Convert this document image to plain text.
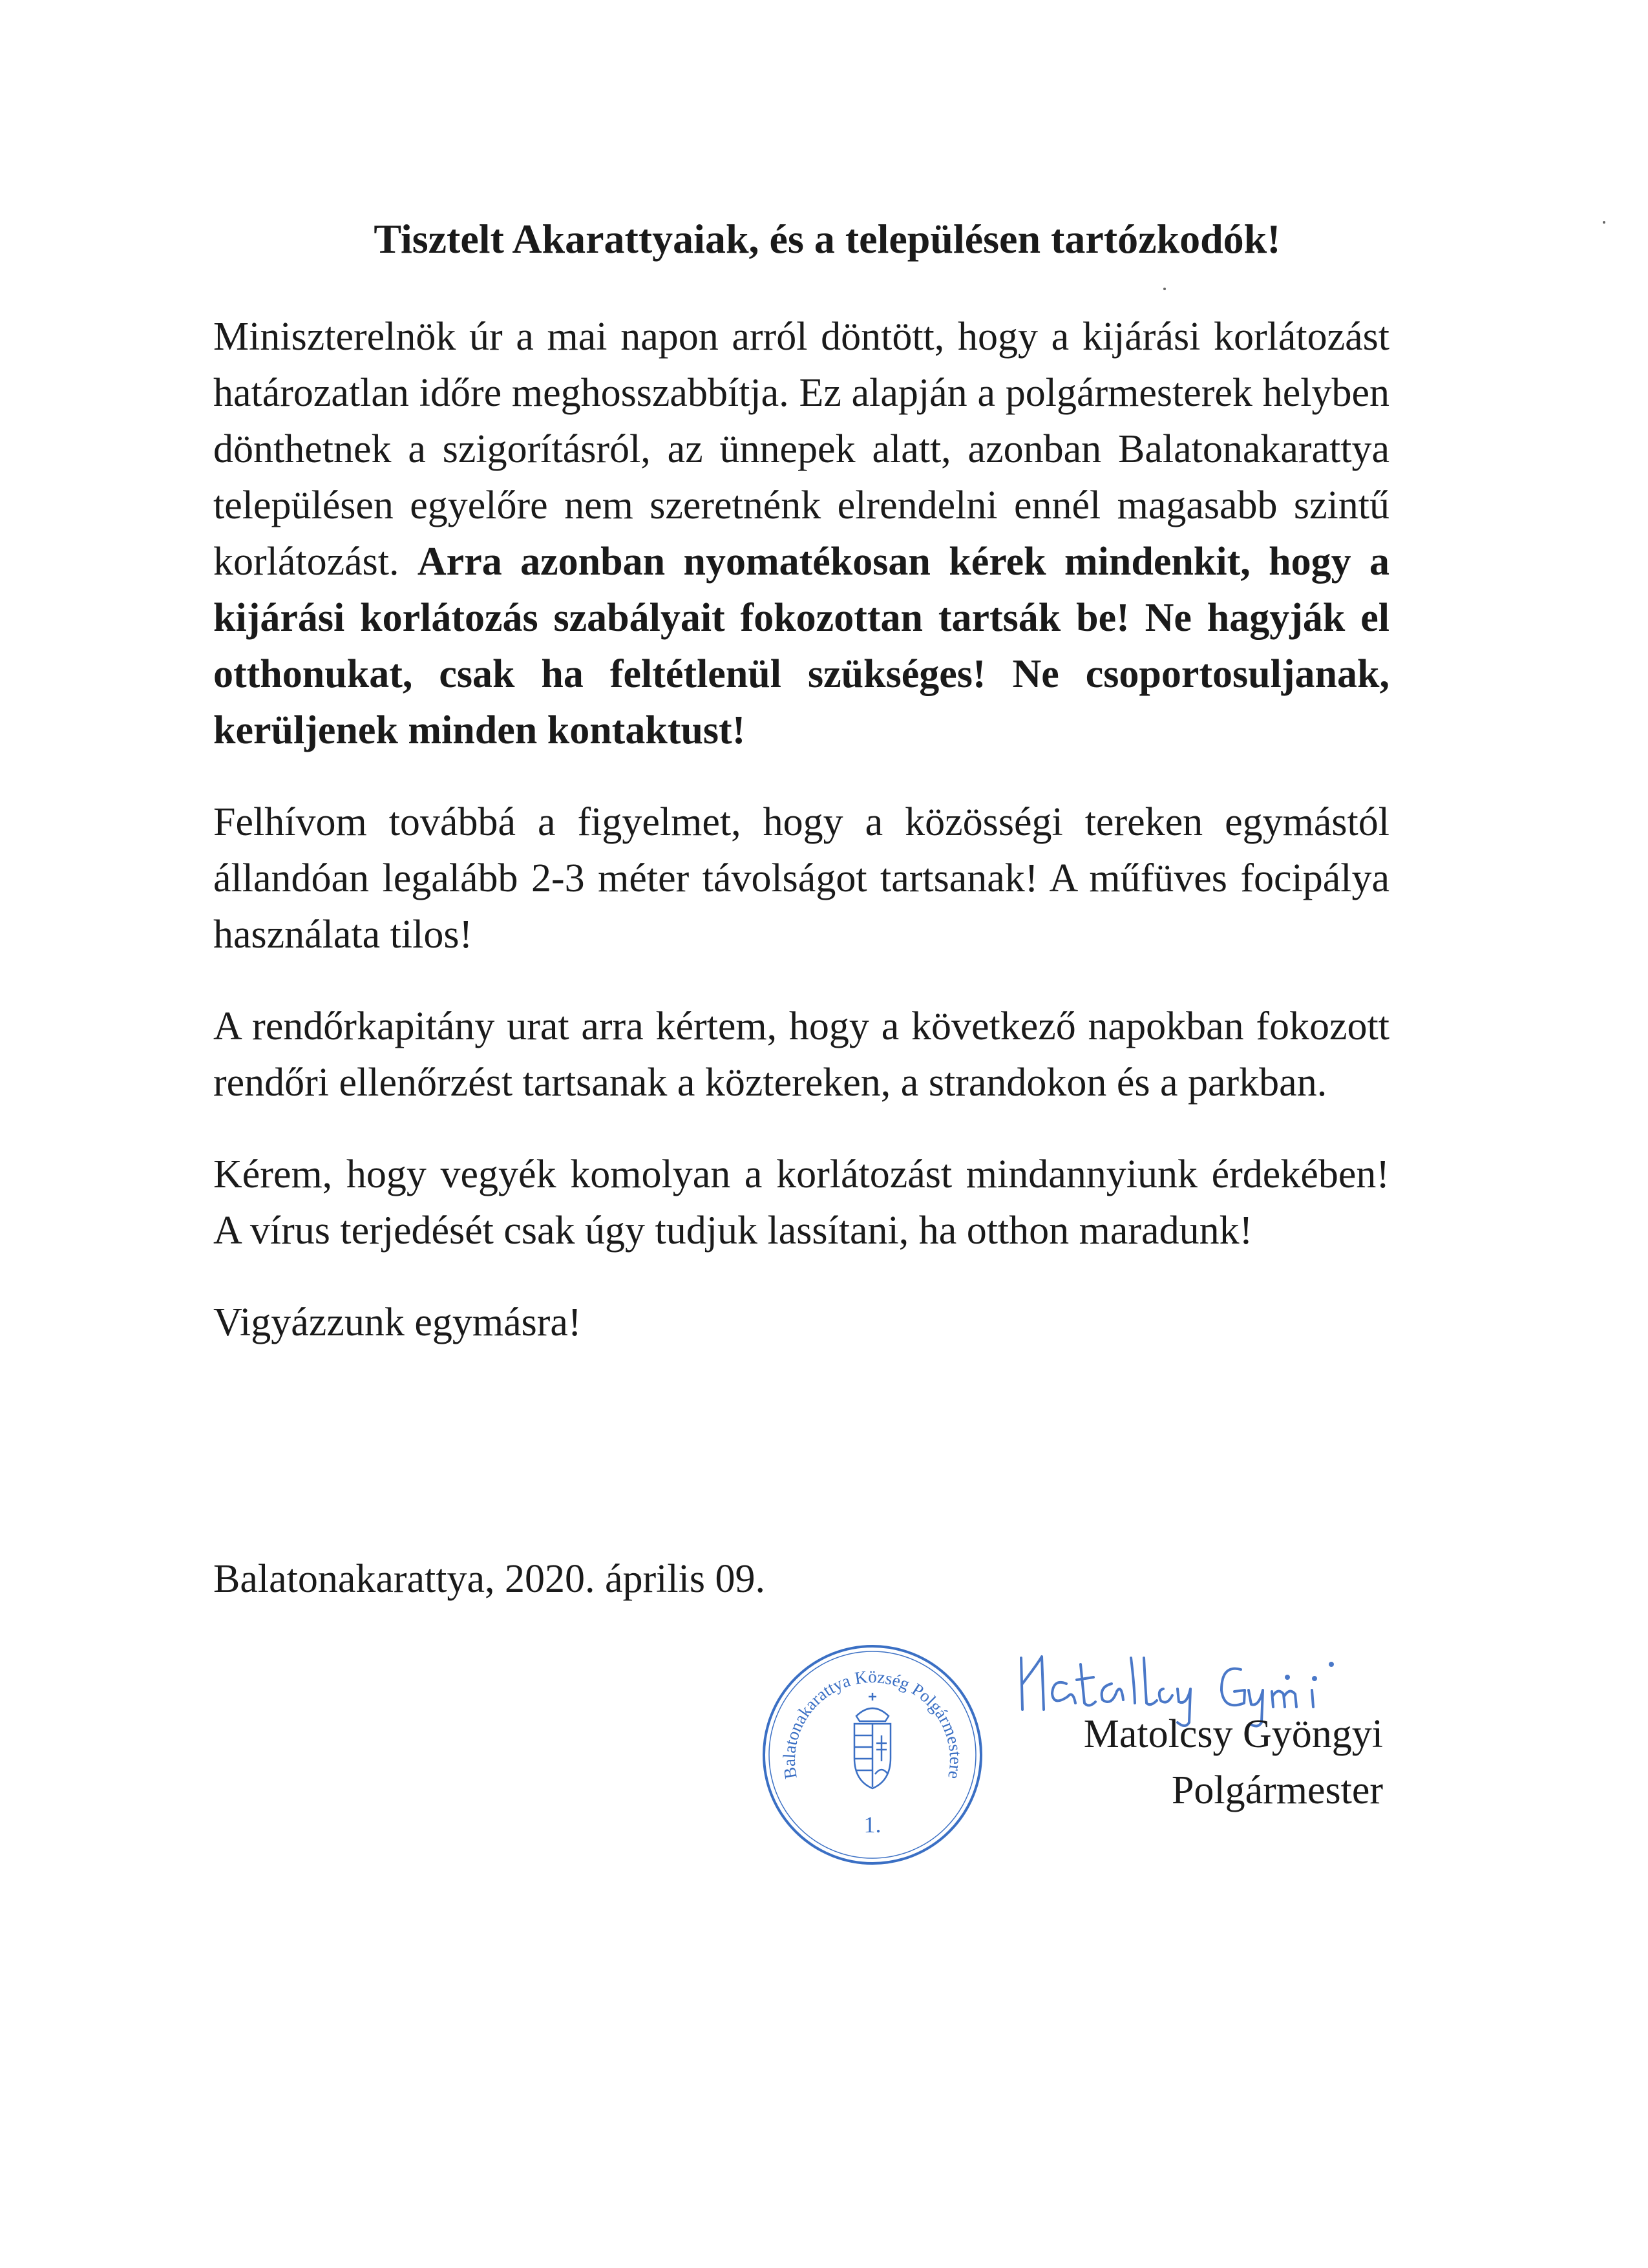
Tisztelt Akarattyaiak, és a településen tartózkodók!

Miniszterelnök úr a mai napon arról döntött, hogy a kijárási korlátozást határozatlan időre meghosszabbítja. Ez alapján a polgármesterek helyben dönthetnek a szigorításról, az ünnepek alatt, azonban Balatonakarattya településen egyelőre nem szeretnénk elrendelni ennél magasabb szintű korlátozást. Arra azonban nyomatékosan kérek mindenkit, hogy a kijárási korlátozás szabályait fokozottan tartsák be! Ne hagyják el otthonukat, csak ha feltétlenül szükséges! Ne csoportosuljanak, kerüljenek minden kontaktust!

Felhívom továbbá a figyelmet, hogy a közösségi tereken egymástól állandóan legalább 2-3 méter távolságot tartsanak! A műfüves focipálya használata tilos!

A rendőrkapitány urat arra kértem, hogy a következő napokban fokozott rendőri ellenőrzést tartsanak a köztereken, a strandokon és a parkban.

Kérem, hogy vegyék komolyan a korlátozást mindannyiunk érdekében! A vírus terjedését csak úgy tudjuk lassítani, ha otthon maradunk!

Vigyázzunk egymásra!

Balatonakarattya, 2020. április 09.

Balatonakarattya Község Polgármestere
1.
Matolcsy Gyöngyi
Polgármester
